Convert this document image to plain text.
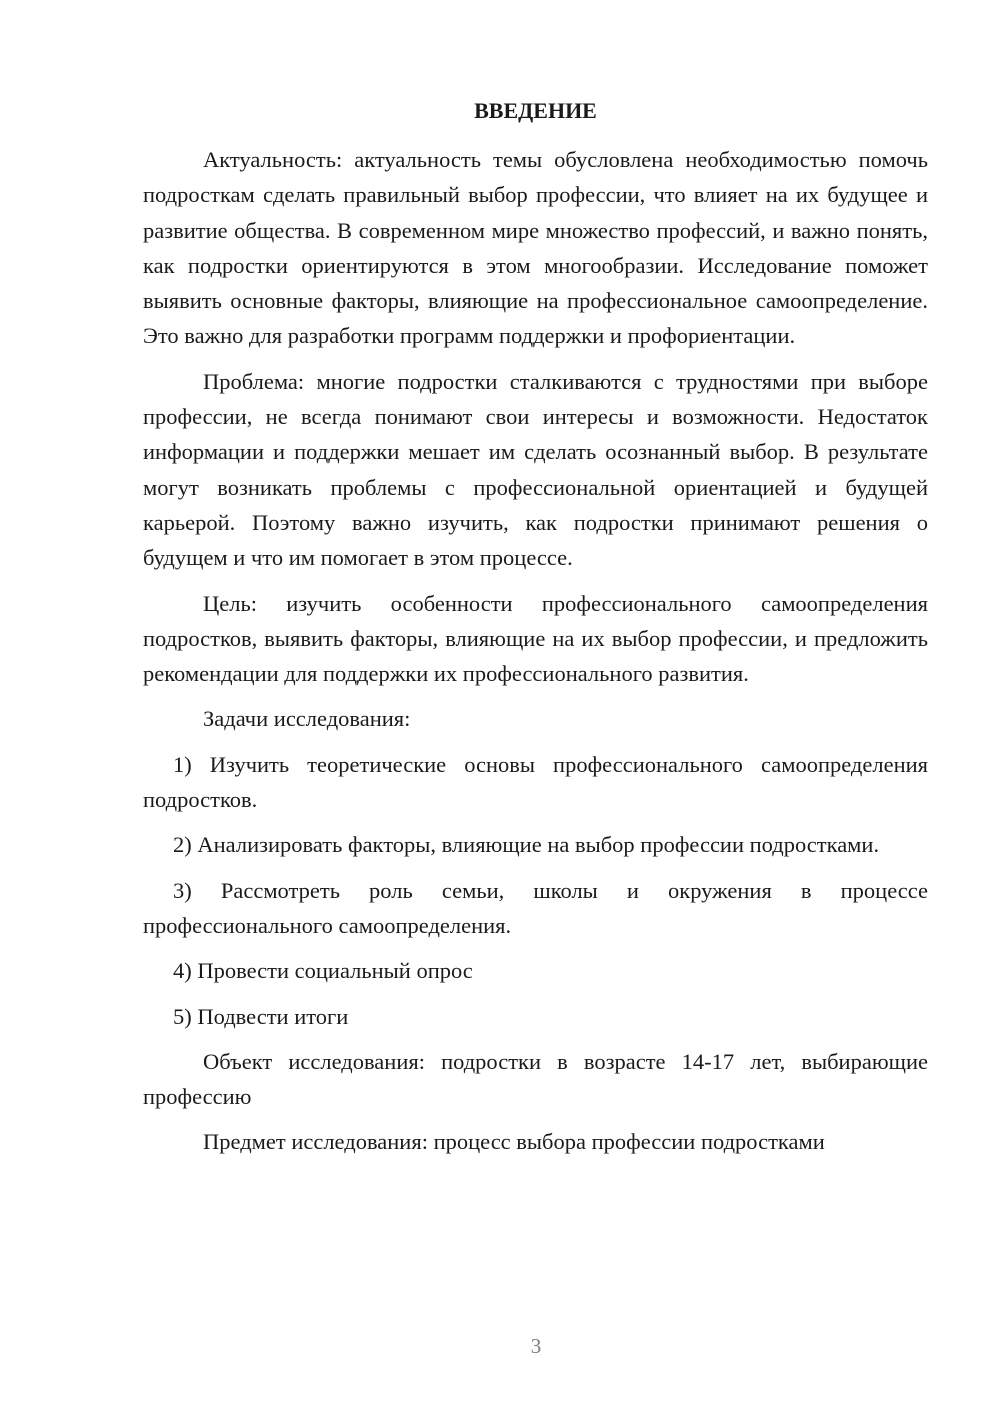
ВВЕДЕНИЕ

Актуальность: актуальность темы обусловлена необходимостью помочь подросткам сделать правильный выбор профессии, что влияет на их будущее и развитие общества. В современном мире множество профессий, и важно понять, как подростки ориентируются в этом многообразии. Исследование поможет выявить основные факторы, влияющие на профессиональное самоопределение. Это важно для разработки программ поддержки и профориентации.

Проблема: многие подростки сталкиваются с трудностями при выборе профессии, не всегда понимают свои интересы и возможности. Недостаток информации и поддержки мешает им сделать осознанный выбор. В результате могут возникать проблемы с профессиональной ориентацией и будущей карьерой. Поэтому важно изучить, как подростки принимают решения о будущем и что им помогает в этом процессе.

Цель: изучить особенности профессионального самоопределения подростков, выявить факторы, влияющие на их выбор профессии, и предложить рекомендации для поддержки их профессионального развития.

Задачи исследования:

1) Изучить теоретические основы профессионального самоопределения подростков.

2) Анализировать факторы, влияющие на выбор профессии подростками.

3) Рассмотреть роль семьи, школы и окружения в процессе профессионального самоопределения.

4) Провести социальный опрос

5) Подвести итоги

Объект исследования: подростки в возрасте 14-17 лет, выбирающие профессию

Предмет исследования: процесс выбора профессии подростками

3
